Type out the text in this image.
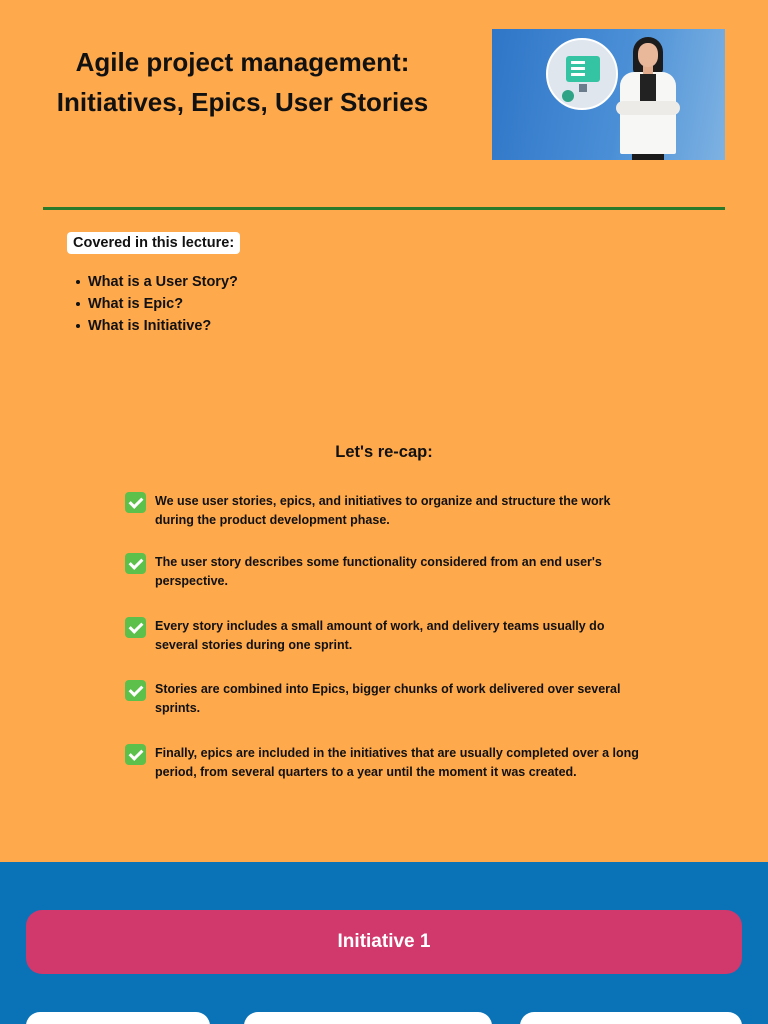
Agile project management: Initiatives, Epics, User Stories
Covered in this lecture:
What is a User Story?
What is Epic?
What is Initiative?
Let's re-cap:
We use user stories, epics, and initiatives to organize and structure the work during the product development phase.
The user story describes some functionality considered from an end user's perspective.
Every story includes a small amount of work, and delivery teams usually do several stories during one sprint.
Stories are combined into Epics, bigger chunks of work delivered over several sprints.
Finally, epics are included in the initiatives that are usually completed over a long period, from several quarters to a year until the moment it was created.
Initiative 1
